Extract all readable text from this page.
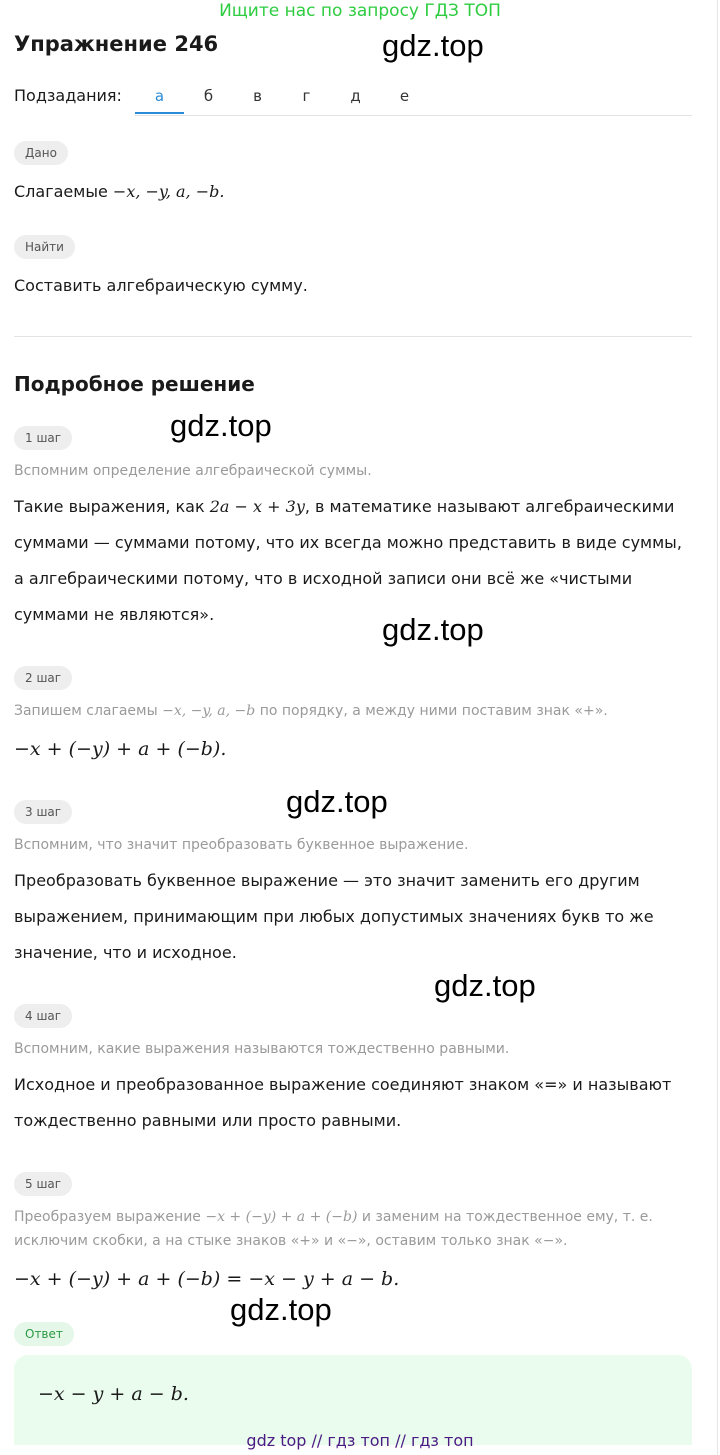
Ищите нас по запросу ГДЗ ТОП
Упражнение 246	gdz.top
gdz.top
gdz.top
gdz.top
gdz.top
gdz.top
Подзадания:	а	б	в	г	д	е
Дано
Слагаемые −x, −y, a, −b.
Найти
Составить алгебраическую сумму.
Подробное решение
1 шаг
Вспомним определение алгебраической суммы.
Такие выражения, как 2a − x + 3y, в математике называют алгебраическими
суммами — суммами потому, что их всегда можно представить в виде суммы,
а алгебраическими потому, что в исходной записи они всё же «чистыми
суммами не являются».
2 шаг
Запишем слагаемы −x, −y, a, −b по порядку, а между ними поставим знак «+».
−x + (−y) + a + (−b).
3 шаг
Вспомним, что значит преобразовать буквенное выражение.
Преобразовать буквенное выражение — это значит заменить его другим
выражением, принимающим при любых допустимых значениях букв то же
значение, что и исходное.
4 шаг
Вспомним, какие выражения называются тождественно равными.
Исходное и преобразованное выражение соединяют знаком «=» и называют
тождественно равными или просто равными.
5 шаг
Преобразуем выражение −x + (−y) + a + (−b) и заменим на тождественное ему, т. е.
исключим скобки, а на стыке знаков «+» и «−», оставим только знак «−».
−x + (−y) + a + (−b) = −x − y + a − b.
Ответ
−x − y + a − b.
gdz top // гдз топ // гдз топ
